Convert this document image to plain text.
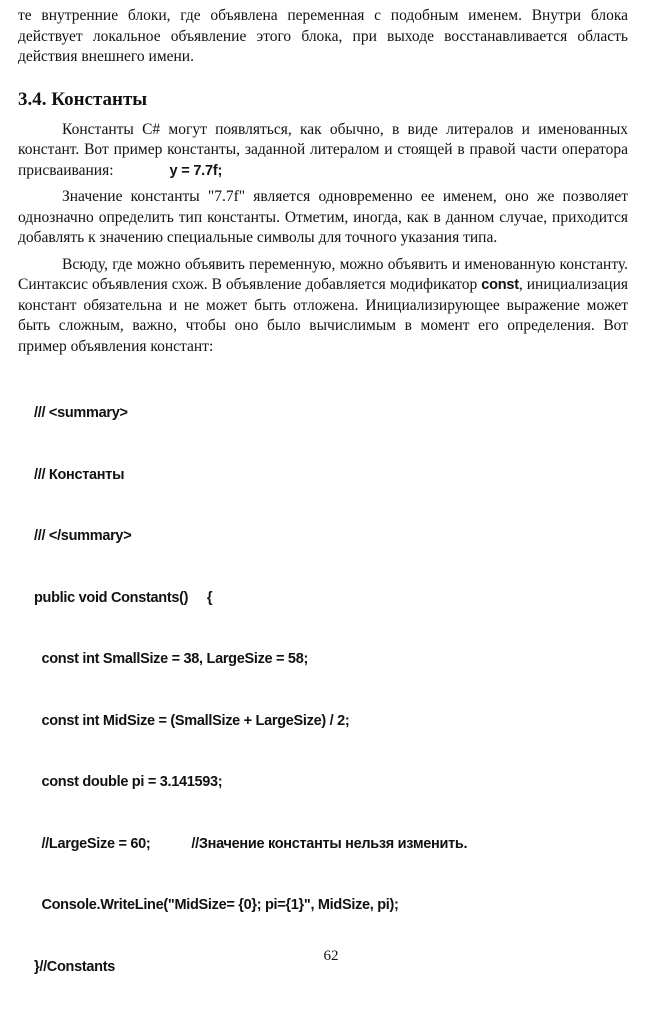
те внутренние блоки, где объявлена переменная с подобным именем. Внутри блока действует локальное объявление этого блока, при выходе восстанавливается область действия внешнего имени.

3.4. Константы

Константы C# могут появляться, как обычно, в виде литералов и именованных констант. Вот пример константы, заданной литералом и стоящей в правой части оператора присваивания:	y = 7.7f;

Значение константы "7.7f" является одновременно ее именем, оно же позволяет однозначно определить тип константы. Отметим, иногда, как в данном случае, приходится добавлять к значению специальные символы для точного указания типа.

Всюду, где можно объявить переменную, можно объявить и именованную константу. Синтаксис объявления схож. В объявление добавляется модификатор const, инициализация констант обязательна и не может быть отложена. Инициализирующее выражение может быть сложным, важно, чтобы оно было вычислимым в момент его определения. Вот пример объявления констант:

/// <summary>

/// Константы

/// </summary>

public void Constants()     {

const int SmallSize = 38, LargeSize = 58;

const int MidSize = (SmallSize + LargeSize) / 2;

const double pi = 3.141593;

//LargeSize = 60;           //Значение константы нельзя изменить.

Console.WriteLine("MidSize= {0}; pi={1}", MidSize, pi);

}//Constants

62
